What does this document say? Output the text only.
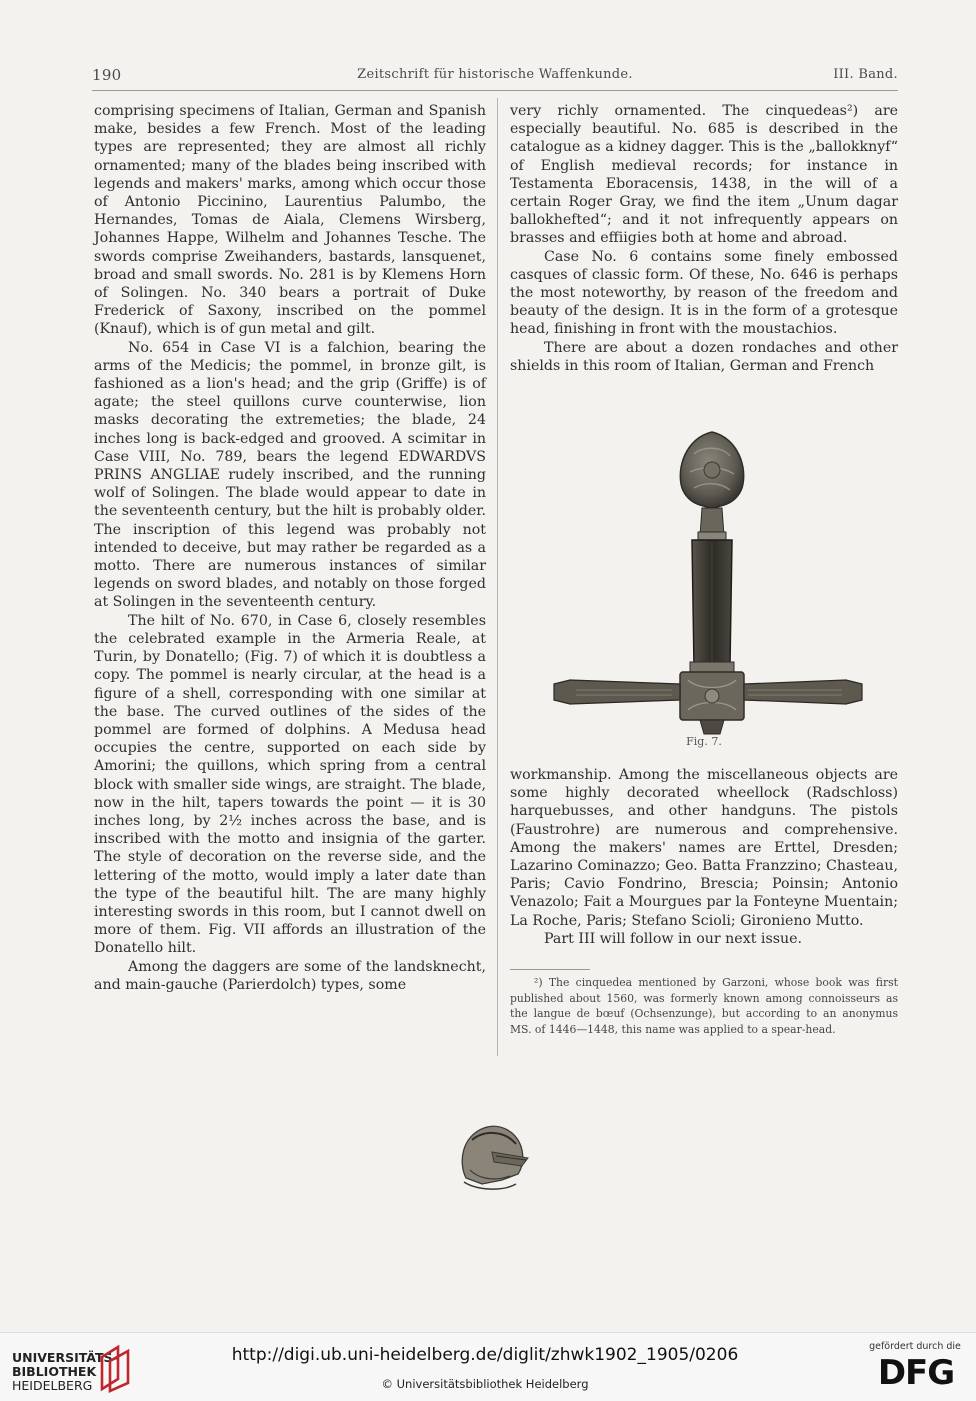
190	Zeitschrift für historische Waffenkunde.	III. Band.

comprising specimens of Italian, German and Spanish make, besides a few French. Most of the leading types are represented; they are almost all richly ornamented; many of the blades being inscribed with legends and makers' marks, among which occur those of Antonio Piccinino, Laurentius Palumbo, the Hernandes, Tomas de Aiala, Clemens Wirsberg, Johannes Happe, Wilhelm and Johannes Tesche. The swords comprise Zweihanders, bastards, lansquenet, broad and small swords. No. 281 is by Klemens Horn of Solingen. No. 340 bears a portrait of Duke Frederick of Saxony, inscribed on the pommel (Knauf), which is of gun metal and gilt.

No. 654 in Case VI is a falchion, bearing the arms of the Medicis; the pommel, in bronze gilt, is fashioned as a lion's head; and the grip (Griffe) is of agate; the steel quillons curve counterwise, lion masks decorating the extremeties; the blade, 24 inches long is back-edged and grooved. A scimitar in Case VIII, No. 789, bears the legend EDWARDVS PRINS ANGLIAE rudely inscribed, and the running wolf of Solingen. The blade would appear to date in the seventeenth century, but the hilt is probably older. The inscription of this legend was probably not intended to deceive, but may rather be regarded as a motto. There are numerous instances of similar legends on sword blades, and notably on those forged at Solingen in the seventeenth century.

The hilt of No. 670, in Case 6, closely resembles the celebrated example in the Armeria Reale, at Turin, by Donatello; (Fig. 7) of which it is doubtless a copy. The pommel is nearly circular, at the head is a figure of a shell, corresponding with one similar at the base. The curved outlines of the sides of the pommel are formed of dolphins. A Medusa head occupies the centre, supported on each side by Amorini; the quillons, which spring from a central block with smaller side wings, are straight. The blade, now in the hilt, tapers towards the point — it is 30 inches long, by 2½ inches across the base, and is inscribed with the motto and insignia of the garter. The style of decoration on the reverse side, and the lettering of the motto, would imply a later date than the type of the beautiful hilt. The are many highly interesting swords in this room, but I cannot dwell on more of them. Fig. VII affords an illustration of the Donatello hilt.

Among the daggers are some of the landsknecht, and main-gauche (Parierdolch) types, some

very richly ornamented. The cinquedeas²) are especially beautiful. No. 685 is described in the catalogue as a kidney dagger. This is the „ballokknyf“ of English medieval records; for instance in Testamenta Eboracensis, 1438, in the will of a certain Roger Gray, we find the item „Unum dagar ballokhefted“; and it not infrequently appears on brasses and effiigies both at home and abroad.

Case No. 6 contains some finely embossed casques of classic form. Of these, No. 646 is perhaps the most noteworthy, by reason of the freedom and beauty of the design. It is in the form of a grotesque head, finishing in front with the moustachios.

There are about a dozen rondaches and other shields in this room of Italian, German and French

Fig. 7.

workmanship. Among the miscellaneous objects are some highly decorated wheellock (Radschloss) harquebusses, and other handguns. The pistols (Faustrohre) are numerous and comprehensive. Among the makers' names are Erttel, Dresden; Lazarino Cominazzo; Geo. Batta Franzzino; Chasteau, Paris; Cavio Fondrino, Brescia; Poinsin; Antonio Venazolo; Fait a Mourgues par la Fonteyne Muentain; La Roche, Paris; Stefano Scioli; Gironieno Mutto.

Part III will follow in our next issue.

²) The cinquedea mentioned by Garzoni, whose book was first published about 1560, was formerly known among connoisseurs as the langue de bœuf (Ochsenzunge), but according to an anonymus MS. of 1446—1448, this name was applied to a spear-head.

UNIVERSITÄTS-
BIBLIOTHEK
HEIDELBERG
http://digi.ub.uni-heidelberg.de/diglit/zhwk1902_1905/0206
© Universitätsbibliothek Heidelberg
gefördert durch die
DFG
